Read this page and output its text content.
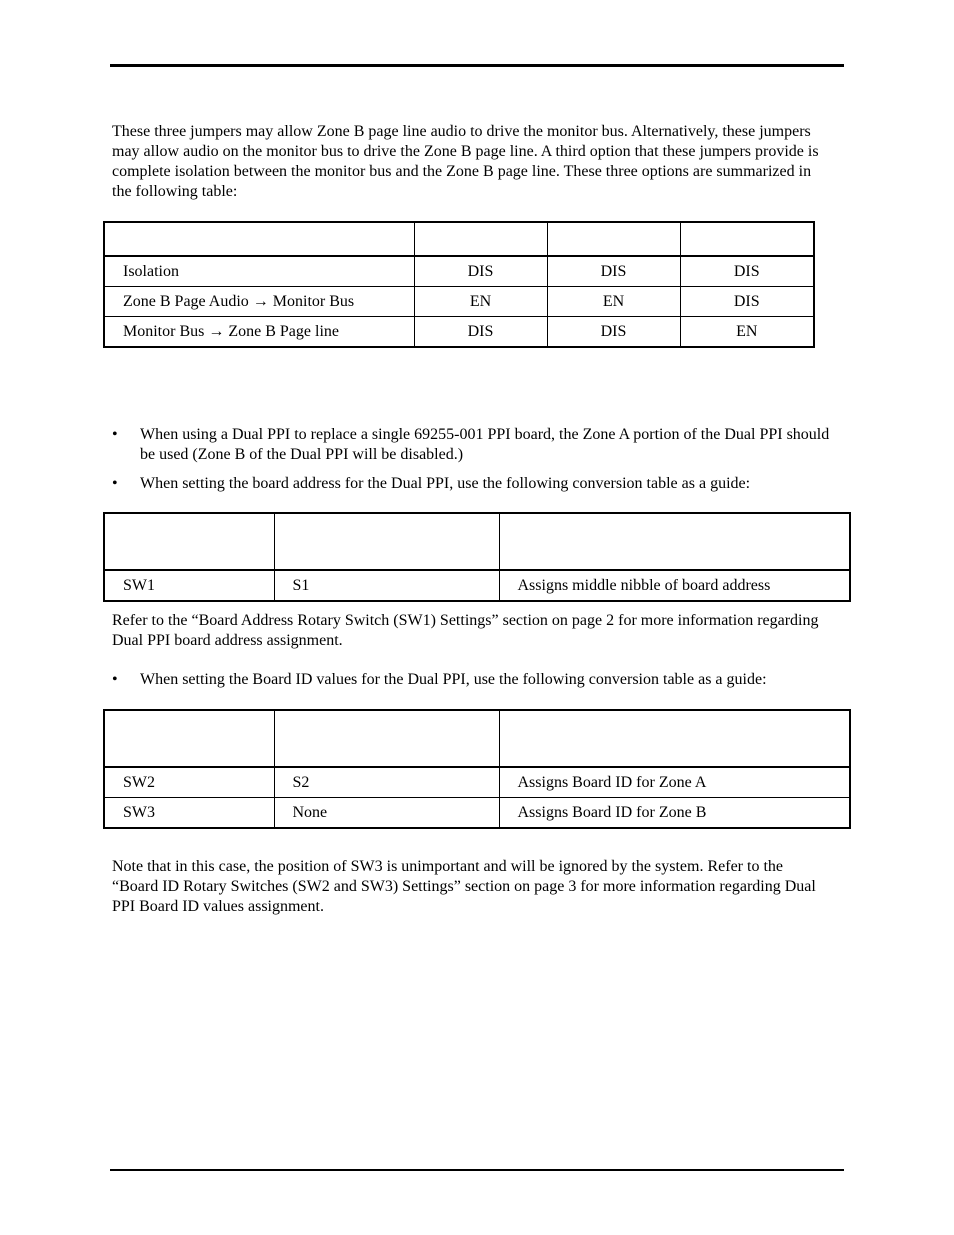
These three jumpers may allow Zone B page line audio to drive the monitor bus. Alternatively, these jumpers may allow audio on the monitor bus to drive the Zone B page line. A third option that these jumpers provide is complete isolation between the monitor bus and the Zone B page line. These three options are summarized in the following table:

Isolation	DIS	DIS	DIS
Zone B Page Audio → Monitor Bus	EN	EN	DIS
Monitor Bus → Zone B Page line	DIS	DIS	EN
•	When using a Dual PPI to replace a single 69255-001 PPI board, the Zone A portion of the Dual PPI should be used (Zone B of the Dual PPI will be disabled.)
•	When setting the board address for the Dual PPI, use the following conversion table as a guide:

SW1	S1	Assigns middle nibble of board address

Refer to the “Board Address Rotary Switch (SW1) Settings” section on page 2 for more information regarding Dual PPI board address assignment.

•	When setting the Board ID values for the Dual PPI, use the following conversion table as a guide:

SW2	S2	Assigns Board ID for Zone A
SW3	None	Assigns Board ID for Zone B

Note that in this case, the position of SW3 is unimportant and will be ignored by the system. Refer to the “Board ID Rotary Switches (SW2 and SW3) Settings” section on page 3 for more information regarding Dual PPI Board ID values assignment.
